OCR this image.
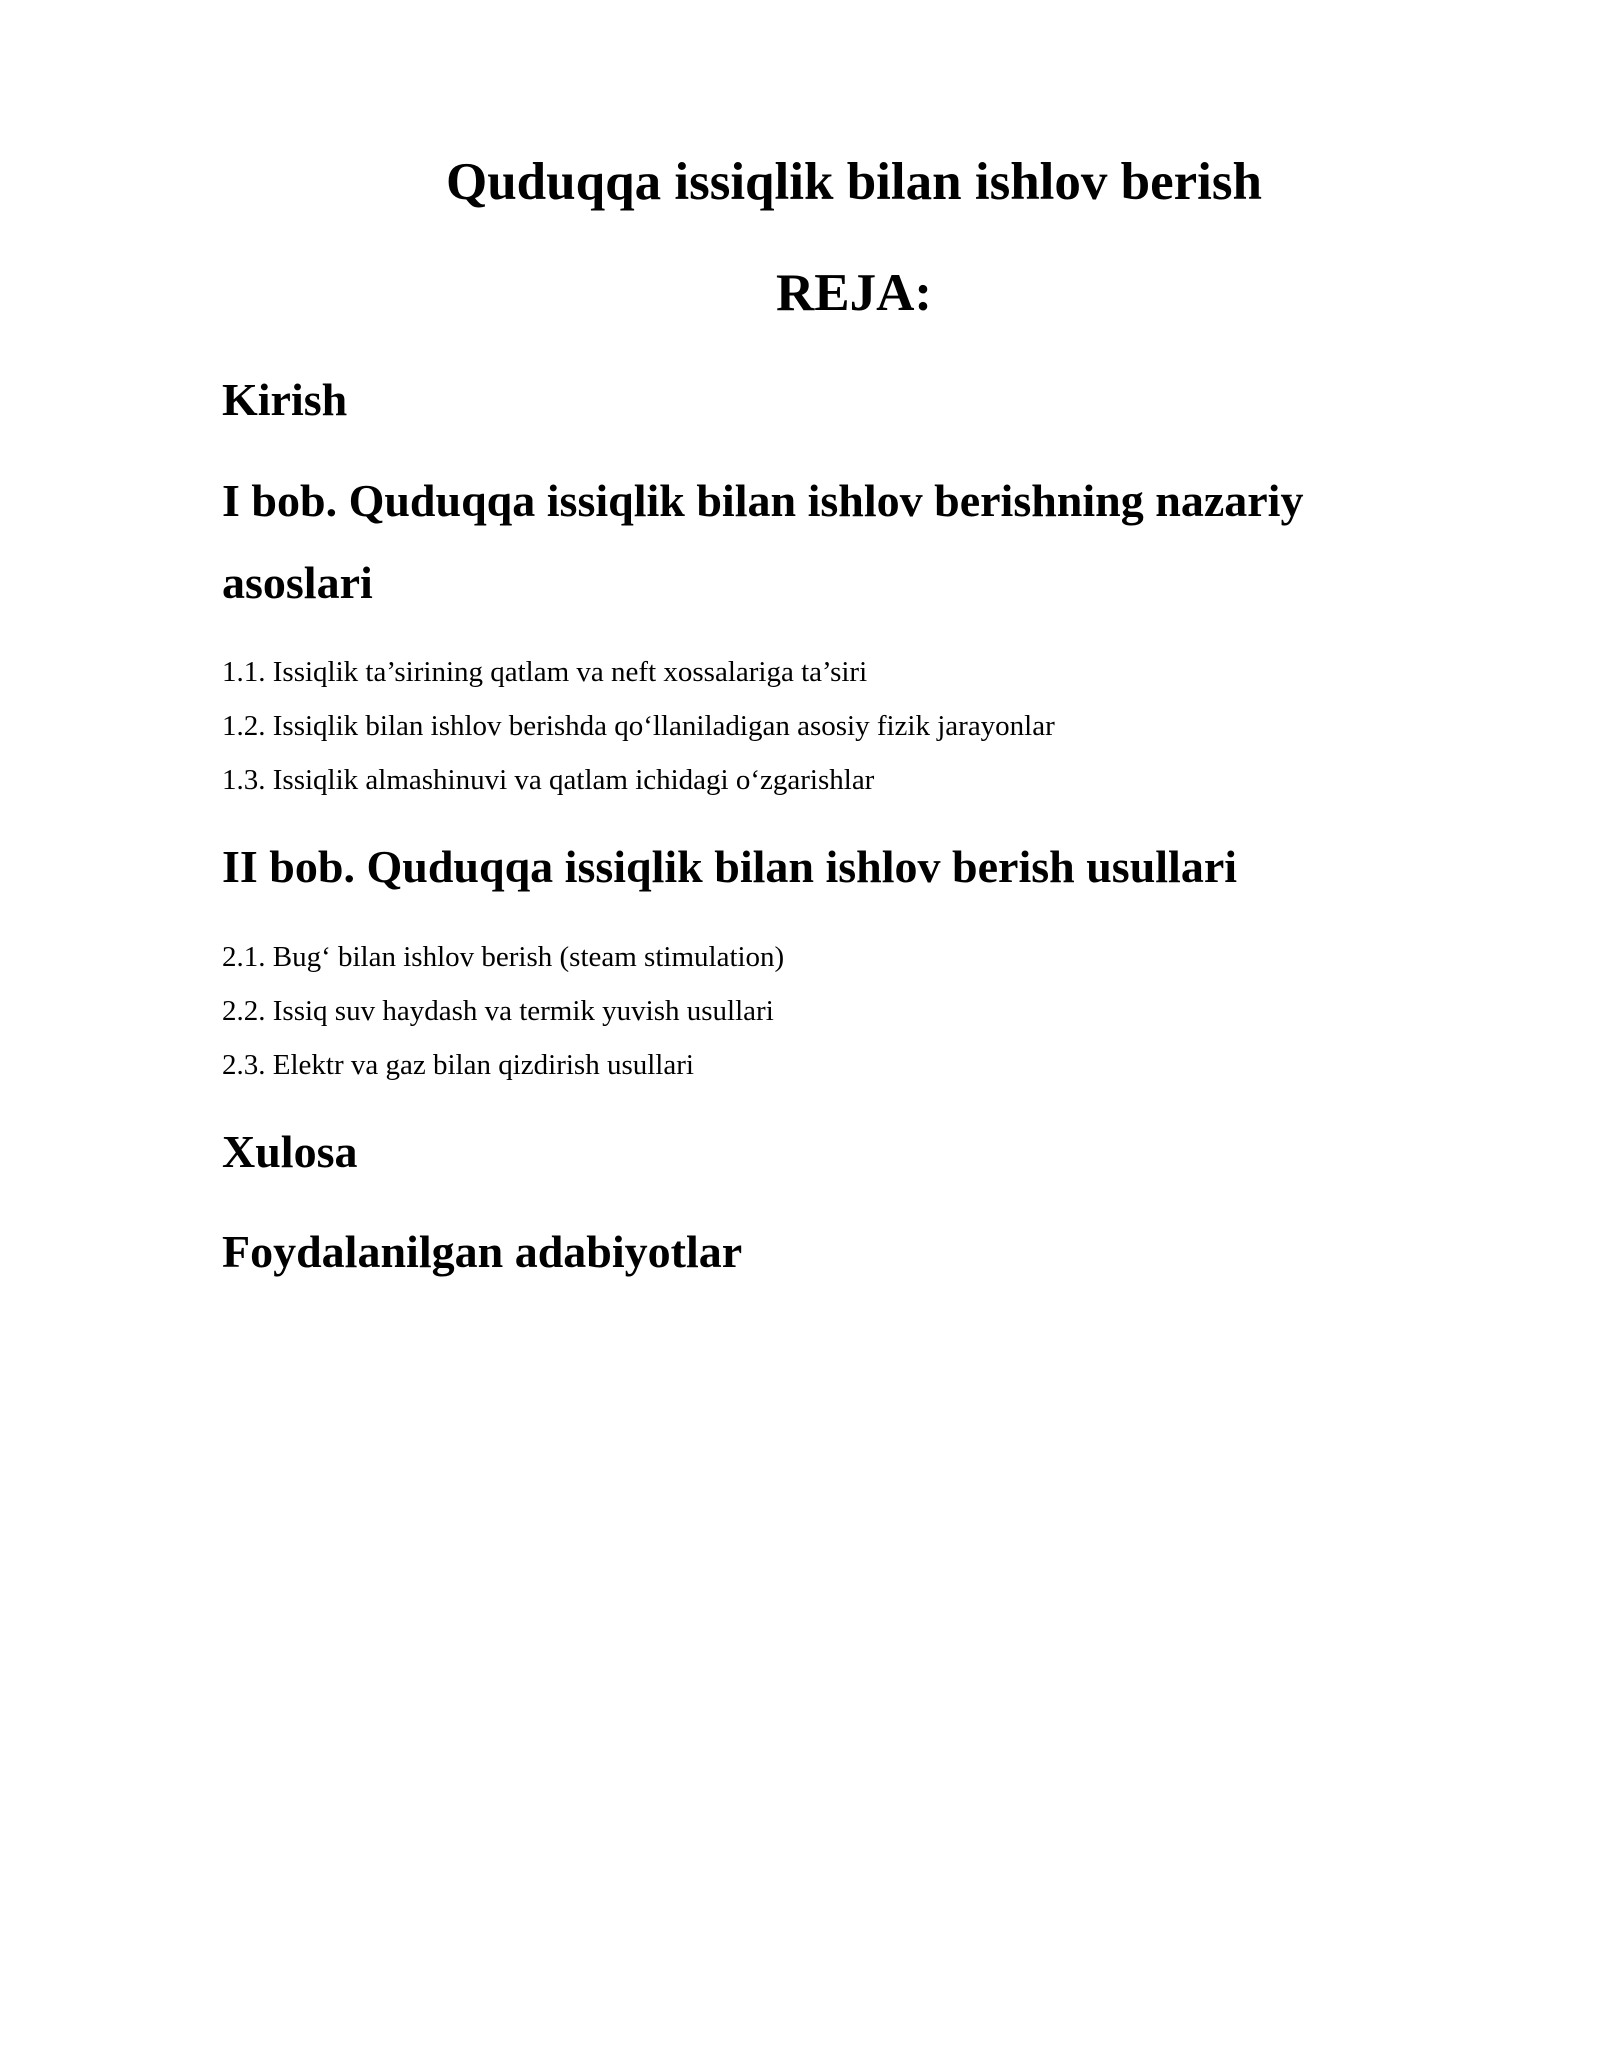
Quduqqa issiqlik bilan ishlov berish
REJA:
Kirish
I bob. Quduqqa issiqlik bilan ishlov berishning nazariy
asoslari
1.1. Issiqlik ta’sirining qatlam va neft xossalariga ta’siri
1.2. Issiqlik bilan ishlov berishda qo‘llaniladigan asosiy fizik jarayonlar
1.3. Issiqlik almashinuvi va qatlam ichidagi o‘zgarishlar
II bob. Quduqqa issiqlik bilan ishlov berish usullari
2.1. Bug‘ bilan ishlov berish (steam stimulation)
2.2. Issiq suv haydash va termik yuvish usullari
2.3. Elektr va gaz bilan qizdirish usullari
Xulosa
Foydalanilgan adabiyotlar
